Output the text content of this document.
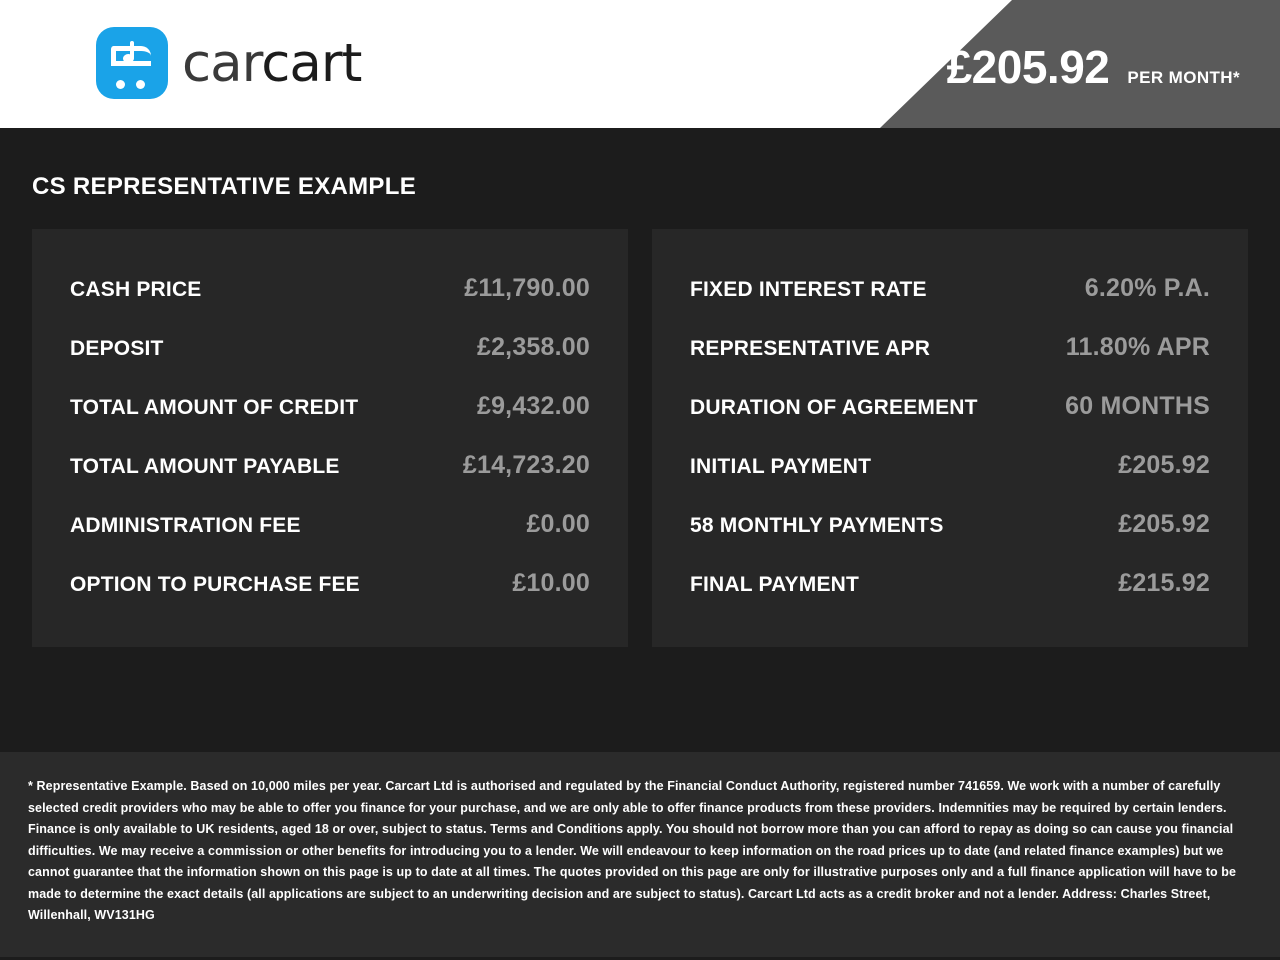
carcart	£205.92 PER MONTH*
CS REPRESENTATIVE EXAMPLE
CASH PRICE	£11,790.00
DEPOSIT	£2,358.00
TOTAL AMOUNT OF CREDIT	£9,432.00
TOTAL AMOUNT PAYABLE	£14,723.20
ADMINISTRATION FEE	£0.00
OPTION TO PURCHASE FEE	£10.00
FIXED INTEREST RATE	6.20% P.A.
REPRESENTATIVE APR	11.80% APR
DURATION OF AGREEMENT	60 MONTHS
INITIAL PAYMENT	£205.92
58 MONTHLY PAYMENTS	£205.92
FINAL PAYMENT	£215.92

* Representative Example. Based on 10,000 miles per year. Carcart Ltd is authorised and regulated by the Financial Conduct Authority, registered number 741659. We work with a number of carefully selected credit providers who may be able to offer you finance for your purchase, and we are only able to offer finance products from these providers. Indemnities may be required by certain lenders. Finance is only available to UK residents, aged 18 or over, subject to status. Terms and Conditions apply. You should not borrow more than you can afford to repay as doing so can cause you financial difficulties. We may receive a commission or other benefits for introducing you to a lender. We will endeavour to keep information on the road prices up to date (and related finance examples) but we cannot guarantee that the information shown on this page is up to date at all times. The quotes provided on this page are only for illustrative purposes only and a full finance application will have to be made to determine the exact details (all applications are subject to an underwriting decision and are subject to status). Carcart Ltd acts as a credit broker and not a lender. Address: Charles Street, Willenhall, WV131HG
